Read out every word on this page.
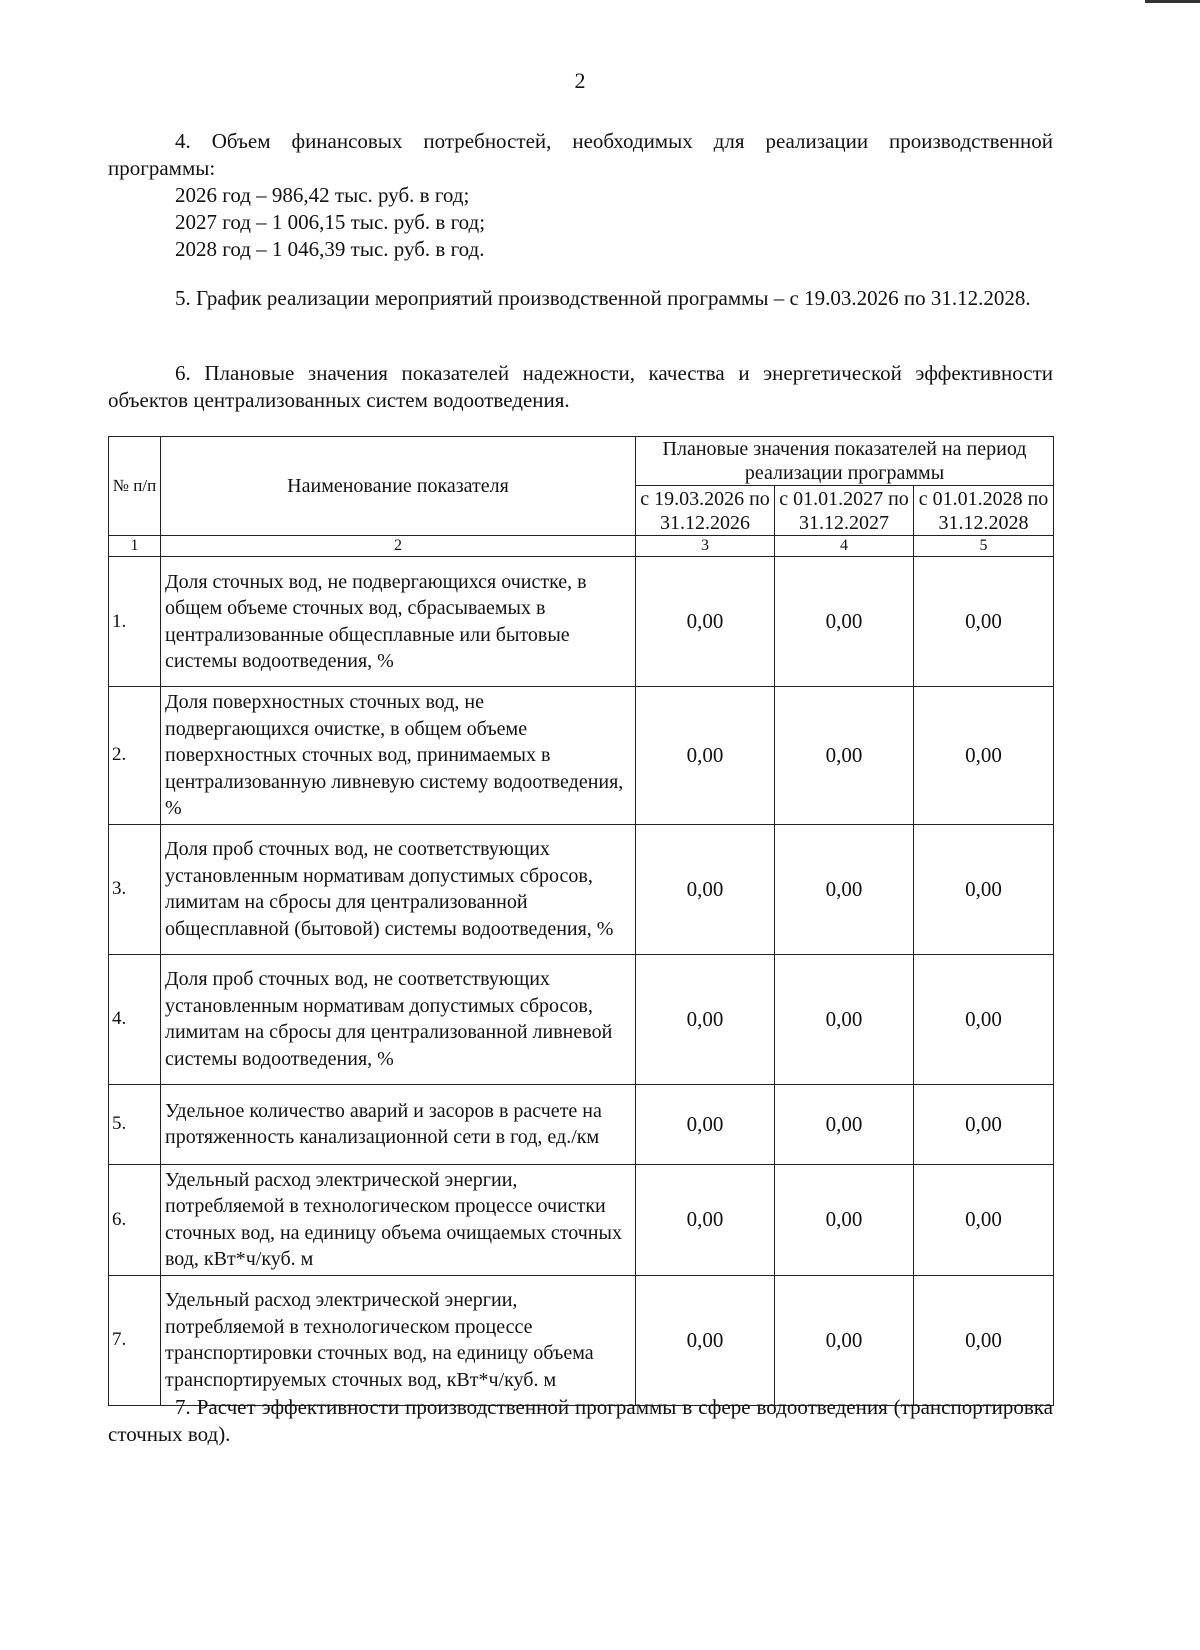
2

4. Объем финансовых потребностей, необходимых для реализации производственной программы:

2026 год – 986,42 тыс. руб. в год;
2027 год – 1 006,15 тыс. руб. в год;
2028 год – 1 046,39 тыс. руб. в год.

5. График реализации мероприятий производственной программы – с 19.03.2026 по 31.12.2028.

6. Плановые значения показателей надежности, качества и энергетической эффективности объектов централизованных систем водоотведения.

№ п/п	Наименование показателя	Плановые значения показателей на период реализации программы		
		с 19.03.2026 по 31.12.2026	с 01.01.2027 по 31.12.2027	с 01.01.2028 по 31.12.2028
1	2	3	4	5
1.	Доля сточных вод, не подвергающихся очистке, в общем объеме сточных вод, сбрасываемых в централизованные общесплавные или бытовые системы водоотведения, %	0,00	0,00	0,00
2.	Доля поверхностных сточных вод, не подвергающихся очистке, в общем объеме поверхностных сточных вод, принимаемых в централизованную ливневую систему водоотведения, %	0,00	0,00	0,00
3.	Доля проб сточных вод, не соответствующих установленным нормативам допустимых сбросов, лимитам на сбросы для централизованной общесплавной (бытовой) системы водоотведения, %	0,00	0,00	0,00
4.	Доля проб сточных вод, не соответствующих установленным нормативам допустимых сбросов, лимитам на сбросы для централизованной ливневой системы водоотведения, %	0,00	0,00	0,00
5.	Удельное количество аварий и засоров в расчете на протяженность канализационной сети в год, ед./км	0,00	0,00	0,00
6.	Удельный расход электрической энергии, потребляемой в технологическом процессе очистки сточных вод, на единицу объема очищаемых сточных вод, кВт*ч/куб. м	0,00	0,00	0,00
7.	Удельный расход электрической энергии, потребляемой в технологическом процессе транспортировки сточных вод, на единицу объема транспортируемых сточных вод, кВт*ч/куб. м	0,00	0,00	0,00

7. Расчет эффективности производственной программы в сфере водоотведения (транспортировка сточных вод).
